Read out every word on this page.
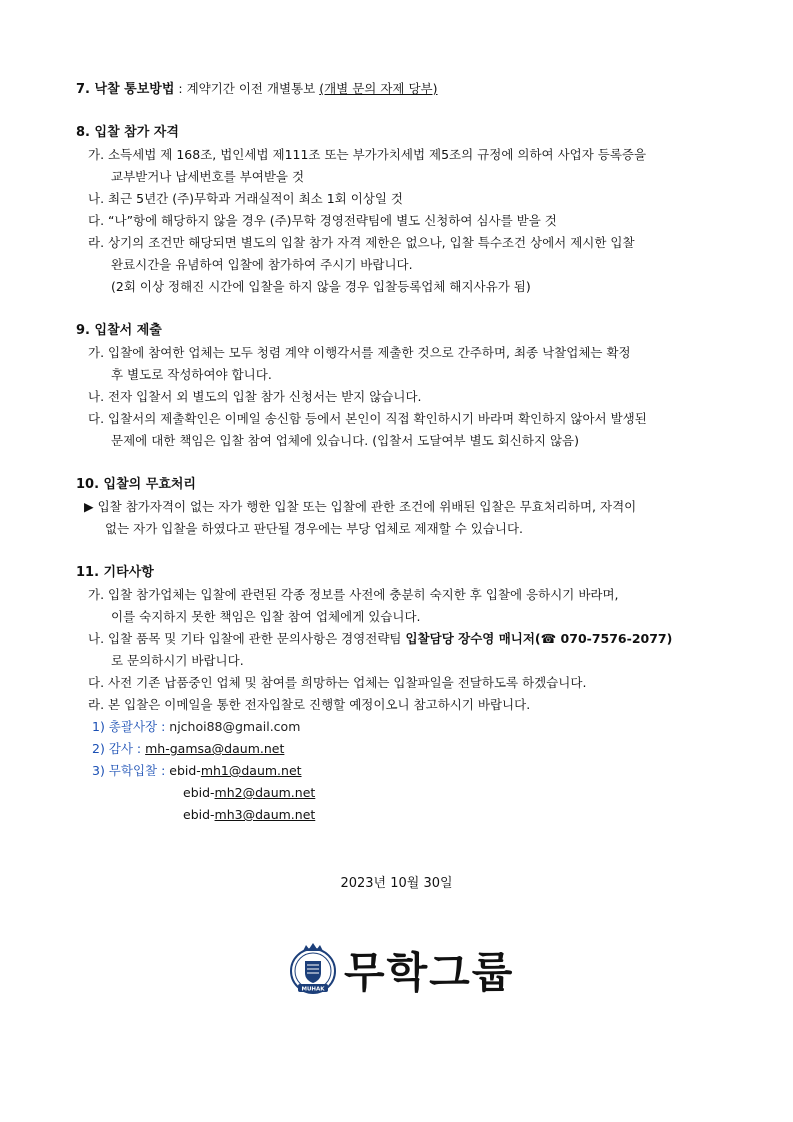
7. 낙찰 통보방법 : 계약기간 이전 개별통보 (개별 문의 자제 당부)
8. 입찰 참가 자격
가. 소득세법 제 168조, 법인세법 제111조 또는 부가가치세법 제5조의 규정에 의하여 사업자 등록증을
교부받거나 납세번호를 부여받을 것
나. 최근 5년간 (주)무학과 거래실적이 최소 1회 이상일 것
다. “나”항에 해당하지 않을 경우 (주)무학 경영전략팀에 별도 신청하여 심사를 받을 것
라. 상기의 조건만 해당되면 별도의 입찰 참가 자격 제한은 없으나, 입찰 특수조건 상에서 제시한 입찰
완료시간을 유념하여 입찰에 참가하여 주시기 바랍니다.
(2회 이상 정해진 시간에 입찰을 하지 않을 경우 입찰등록업체 해지사유가 됨)
9. 입찰서 제출
가. 입찰에 참여한 업체는 모두 청렴 계약 이행각서를 제출한 것으로 간주하며, 최종 낙찰업체는 확정
후 별도로 작성하여야 합니다.
나. 전자 입찰서 외 별도의 입찰 참가 신청서는 받지 않습니다.
다. 입찰서의 제출확인은 이메일 송신함 등에서 본인이 직접 확인하시기 바라며 확인하지 않아서 발생된
문제에 대한 책임은 입찰 참여 업체에 있습니다. (입찰서 도달여부 별도 회신하지 않음)
10. 입찰의 무효처리
▶ 입찰 참가자격이 없는 자가 행한 입찰 또는 입찰에 관한 조건에 위배된 입찰은 무효처리하며, 자격이
없는 자가 입찰을 하였다고 판단될 경우에는 부당 업체로 제재할 수 있습니다.
11. 기타사항
가. 입찰 참가업체는 입찰에 관련된 각종 정보를 사전에 충분히 숙지한 후 입찰에 응하시기 바라며,
이를 숙지하지 못한 책임은 입찰 참여 업체에게 있습니다.
나. 입찰 품목 및 기타 입찰에 관한 문의사항은 경영전략팀 입찰담당 장수영 매니저(☎ 070-7576-2077)
로 문의하시기 바랍니다.
다. 사전 기존 납품중인 업체 및 참여를 희망하는 업체는 입찰파일을 전달하도록 하겠습니다.
라. 본 입찰은 이메일을 통한 전자입찰로 진행할 예정이오니 참고하시기 바랍니다.
1) 총괄사장 : njchoi88@gmail.com
2) 감사 : mh-gamsa@daum.net
3) 무학입찰 : ebid-mh1@daum.net
ebid-mh2@daum.net
ebid-mh3@daum.net
2023년 10월 30일
MUHAK 무학그룹
